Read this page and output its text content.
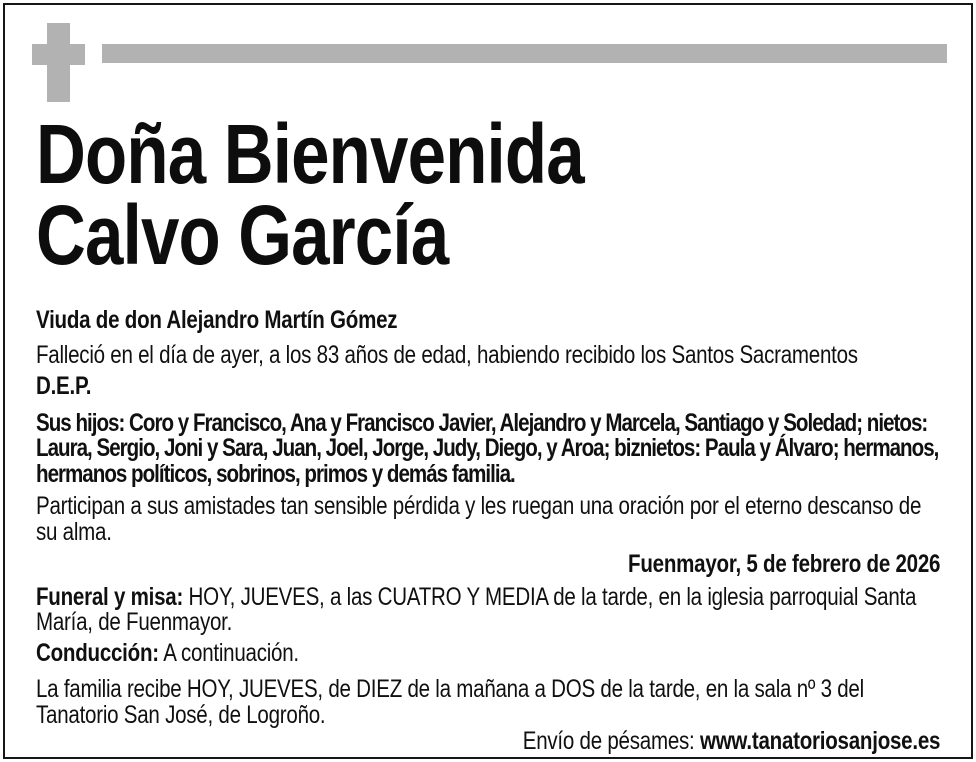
Doña Bienvenida
Calvo García

Viuda de don Alejandro Martín Gómez

Falleció en el día de ayer, a los 83 años de edad, habiendo recibido los Santos Sacramentos

D.E.P.

Sus hijos: Coro y Francisco, Ana y Francisco Javier, Alejandro y Marcela, Santiago y Soledad; nietos: Laura, Sergio, Joni y Sara, Juan, Joel, Jorge, Judy, Diego, y Aroa; biznietos: Paula y Álvaro; hermanos, hermanos políticos, sobrinos, primos y demás familia.

Participan a sus amistades tan sensible pérdida y les ruegan una oración por el eterno descanso de su alma.

Fuenmayor, 5 de febrero de 2026

Funeral y misa: HOY, JUEVES, a las CUATRO Y MEDIA de la tarde, en la iglesia parroquial Santa María, de Fuenmayor.

Conducción: A continuación.

La familia recibe HOY, JUEVES, de DIEZ de la mañana a DOS de la tarde, en la sala nº 3 del Tanatorio San José, de Logroño.

Envío de pésames: www.tanatoriosanjose.es
